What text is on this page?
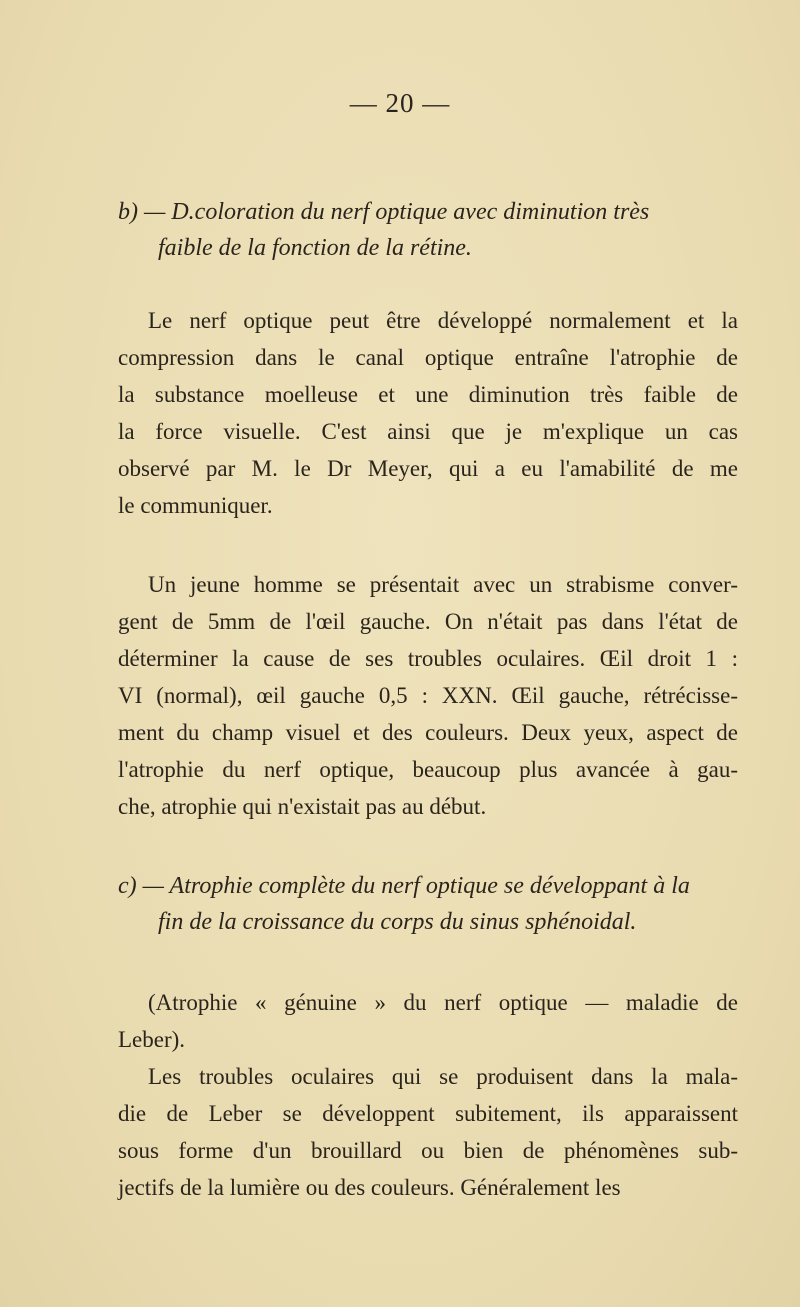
— 20 —
b) — D.coloration du nerf optique avec diminution très
faible de la fonction de la rétine.
Le nerf optique peut être développé normalement et la
compression dans le canal optique entraîne l'atrophie de
la substance moelleuse et une diminution très faible de
la force visuelle. C'est ainsi que je m'explique un cas
observé par M. le Dr Meyer, qui a eu l'amabilité de me
le communiquer.
Un jeune homme se présentait avec un strabisme conver-
gent de 5mm de l'œil gauche. On n'était pas dans l'état de
déterminer la cause de ses troubles oculaires. Œil droit 1 :
VI (normal), œil gauche 0,5 : XXN. Œil gauche, rétrécisse-
ment du champ visuel et des couleurs. Deux yeux, aspect de
l'atrophie du nerf optique, beaucoup plus avancée à gau-
che, atrophie qui n'existait pas au début.
c) — Atrophie complète du nerf optique se développant à la
fin de la croissance du corps du sinus sphénoidal.
(Atrophie « génuine » du nerf optique — maladie de
Leber).
Les troubles oculaires qui se produisent dans la mala-
die de Leber se développent subitement, ils apparaissent
sous forme d'un brouillard ou bien de phénomènes sub-
jectifs de la lumière ou des couleurs. Généralement les
